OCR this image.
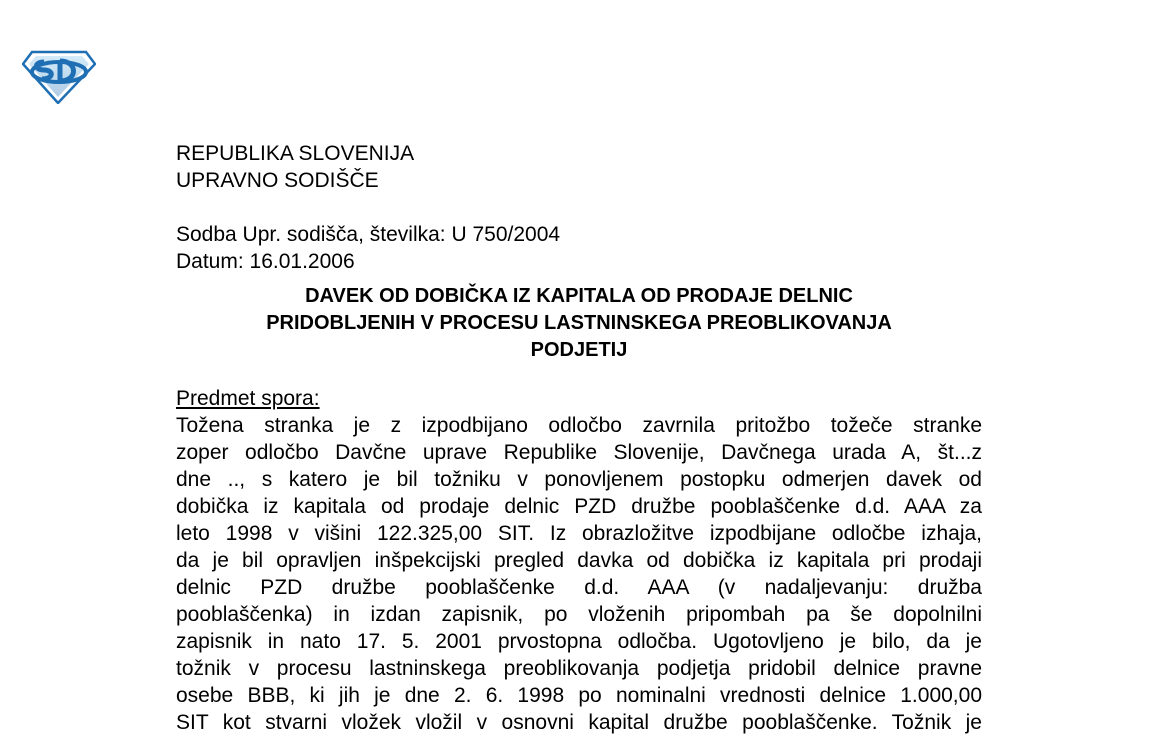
REPUBLIKA SLOVENIJA
UPRAVNO SODIŠČE
Sodba Upr. sodišča, številka: U 750/2004
Datum: 16.01.2006
DAVEK OD DOBIČKA IZ KAPITALA OD PRODAJE DELNIC
PRIDOBLJENIH V PROCESU LASTNINSKEGA PREOBLIKOVANJA
PODJETIJ
Predmet spora:
Tožena stranka je z izpodbijano odločbo zavrnila pritožbo tožeče stranke
zoper odločbo Davčne uprave Republike Slovenije, Davčnega urada A, št...z
dne .., s katero je bil tožniku v ponovljenem postopku odmerjen davek od
dobička iz kapitala od prodaje delnic PZD družbe pooblaščenke d.d. AAA za
leto 1998 v višini 122.325,00 SIT. Iz obrazložitve izpodbijane odločbe izhaja,
da je bil opravljen inšpekcijski pregled davka od dobička iz kapitala pri prodaji
delnic PZD družbe pooblaščenke d.d. AAA (v nadaljevanju: družba
pooblaščenka) in izdan zapisnik, po vloženih pripombah pa še dopolnilni
zapisnik in nato 17. 5. 2001 prvostopna odločba. Ugotovljeno je bilo, da je
tožnik v procesu lastninskega preoblikovanja podjetja pridobil delnice pravne
osebe BBB, ki jih je dne 2. 6. 1998 po nominalni vrednosti delnice 1.000,00
SIT kot stvarni vložek vložil v osnovni kapital družbe pooblaščenke. Tožnik je
